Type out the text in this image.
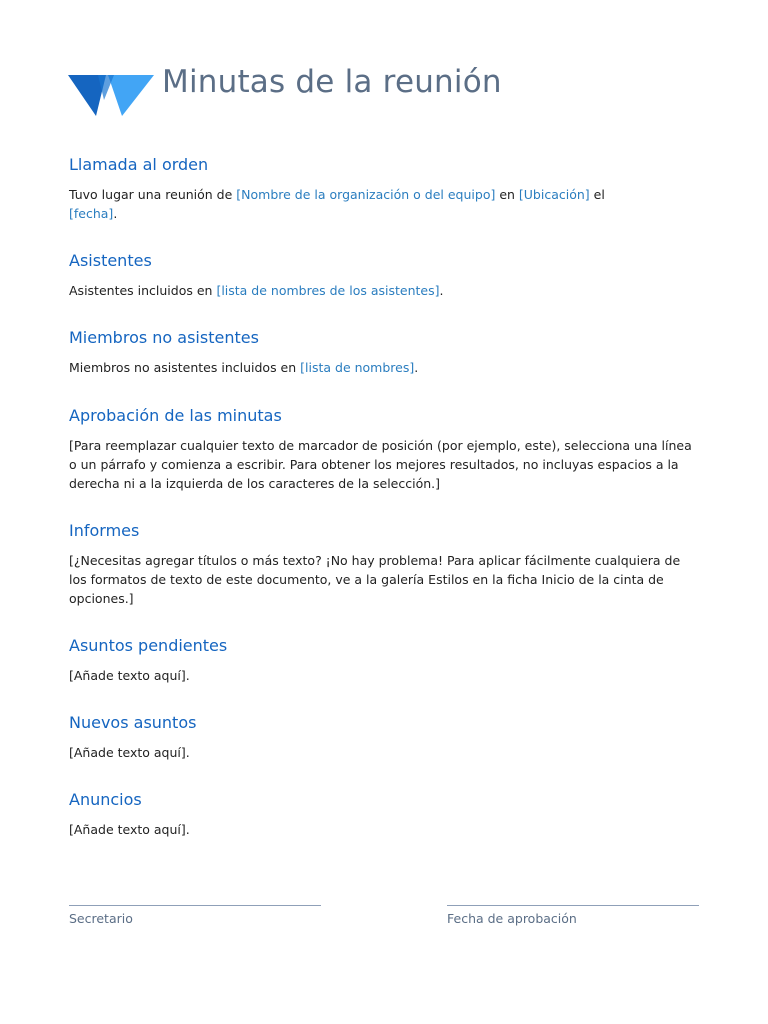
Minutas de la reunión
Llamada al orden

Tuvo lugar una reunión de [Nombre de la organización o del equipo] en [Ubicación] el
[fecha].

Asistentes

Asistentes incluidos en [lista de nombres de los asistentes].

Miembros no asistentes

Miembros no asistentes incluidos en [lista de nombres].

Aprobación de las minutas

[Para reemplazar cualquier texto de marcador de posición (por ejemplo, este), selecciona una línea o un párrafo y comienza a escribir. Para obtener los mejores resultados, no incluyas espacios a la derecha ni a la izquierda de los caracteres de la selección.]

Informes

[¿Necesitas agregar títulos o más texto? ¡No hay problema! Para aplicar fácilmente cualquiera de los formatos de texto de este documento, ve a la galería Estilos en la ficha Inicio de la cinta de opciones.]

Asuntos pendientes

[Añade texto aquí].

Nuevos asuntos

[Añade texto aquí].

Anuncios

[Añade texto aquí].

Secretario	Fecha de aprobación
